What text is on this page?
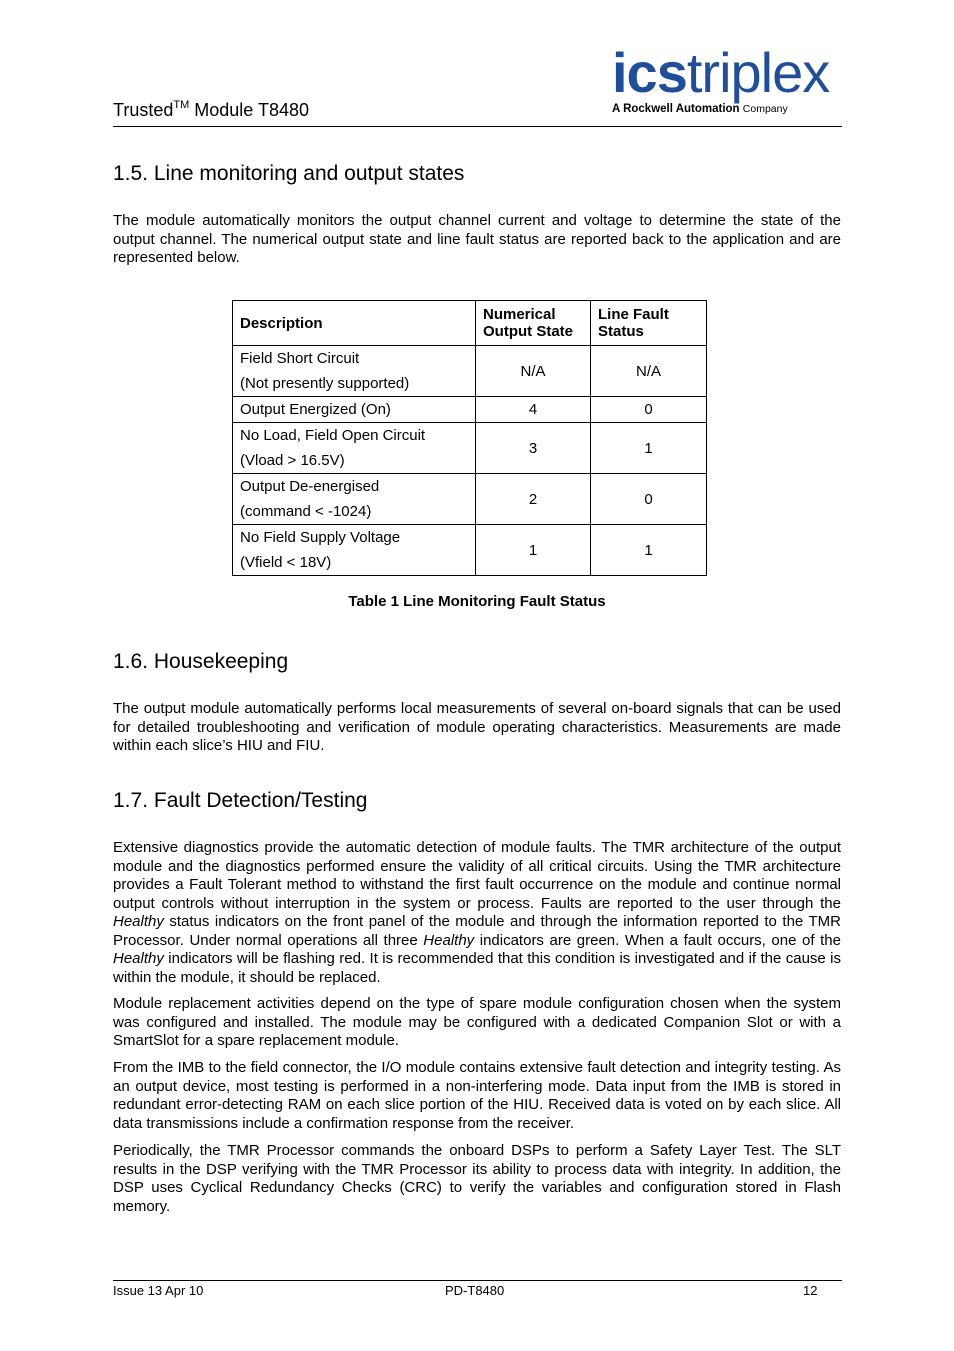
Trusted™ Module T8480
icstriplex
A Rockwell Automation Company
1.5. Line monitoring and output states

The module automatically monitors the output channel current and voltage to determine the state of the output channel. The numerical output state and line fault status are reported back to the application and are represented below.

Description	Numerical Output State	Line Fault Status

Field Short Circuit
(Not presently supported)	N/A	N/A

Output Energized (On)	4	0

No Load, Field Open Circuit
(Vload > 16.5V)	3	1

Output De-energised
(command < -1024)	2	0

No Field Supply Voltage
(Vfield < 18V)	1	1
Table 1 Line Monitoring Fault Status
1.6. Housekeeping

The output module automatically performs local measurements of several on-board signals that can be used for detailed troubleshooting and verification of module operating characteristics. Measurements are made within each slice’s HIU and FIU.

1.7. Fault Detection/Testing

Extensive diagnostics provide the automatic detection of module faults. The TMR architecture of the output module and the diagnostics performed ensure the validity of all critical circuits. Using the TMR architecture provides a Fault Tolerant method to withstand the first fault occurrence on the module and continue normal output controls without interruption in the system or process. Faults are reported to the user through the Healthy status indicators on the front panel of the module and through the information reported to the TMR Processor. Under normal operations all three Healthy indicators are green. When a fault occurs, one of the Healthy indicators will be flashing red. It is recommended that this condition is investigated and if the cause is within the module, it should be replaced.

Module replacement activities depend on the type of spare module configuration chosen when the system was configured and installed. The module may be configured with a dedicated Companion Slot or with a SmartSlot for a spare replacement module.

From the IMB to the field connector, the I/O module contains extensive fault detection and integrity testing. As an output device, most testing is performed in a non-interfering mode. Data input from the IMB is stored in redundant error-detecting RAM on each slice portion of the HIU. Received data is voted on by each slice. All data transmissions include a confirmation response from the receiver.

Periodically, the TMR Processor commands the onboard DSPs to perform a Safety Layer Test. The SLT results in the DSP verifying with the TMR Processor its ability to process data with integrity. In addition, the DSP uses Cyclical Redundancy Checks (CRC) to verify the variables and configuration stored in Flash memory.

Issue 13 Apr 10	PD-T8480	12
